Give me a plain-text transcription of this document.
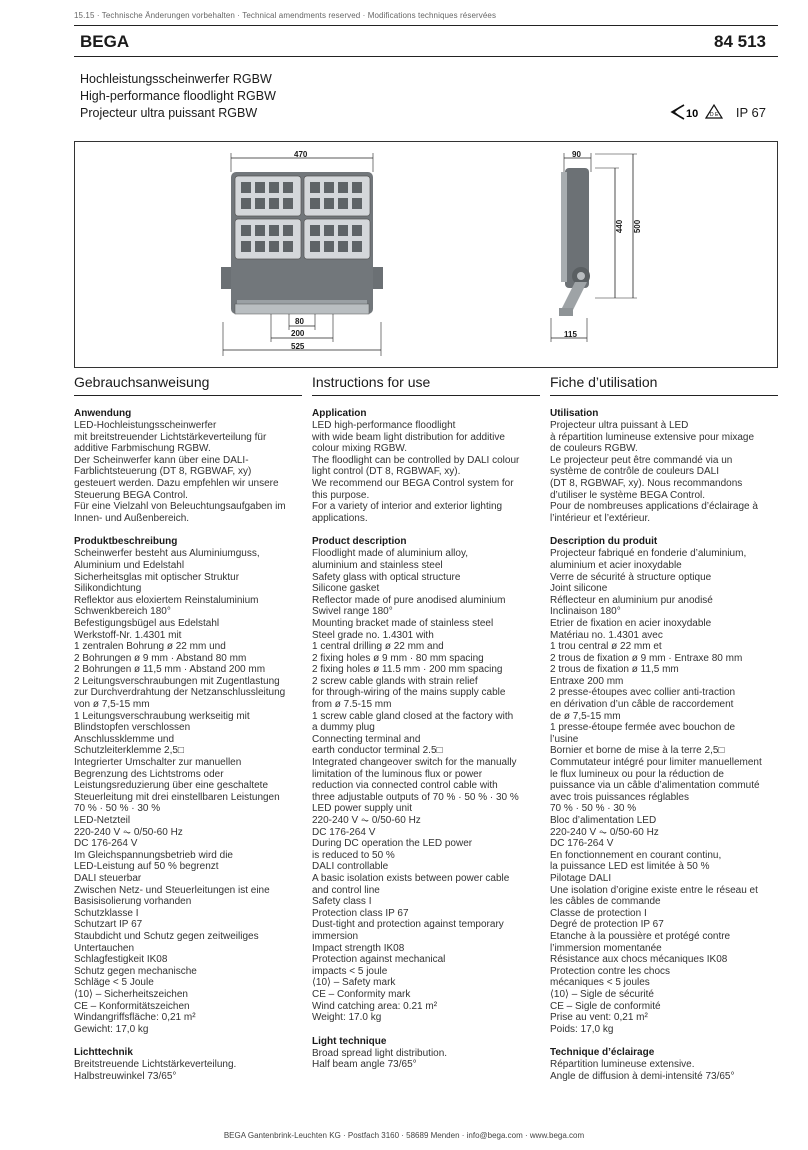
15.15 · Technische Änderungen vorbehalten · Technical amendments reserved · Modifications techniques réservées
BEGA	84 513
Hochleistungsscheinwerfer RGBW
High-performance floodlight RGBW
Projecteur ultra puissant RGBW	10 D E IP 67
470	90
440 500
80
200
525
115
Gebrauchsanweisung
Anwendung
LED-Hochleistungsscheinwerfer
mit breitstreuender Lichtstärkeverteilung für
additive Farbmischung RGBW.
Der Scheinwerfer kann über eine DALI-
Farblichtsteuerung (DT 8, RGBWAF, xy)
gesteuert werden. Dazu empfehlen wir unsere
Steuerung BEGA Control.
Für eine Vielzahl von Beleuchtungsaufgaben im
Innen- und Außenbereich.
Produktbeschreibung
Scheinwerfer besteht aus Aluminiumguss,
Aluminium und Edelstahl
Sicherheitsglas mit optischer Struktur
Silikondichtung
Reflektor aus eloxiertem Reinstaluminium
Schwenkbereich 180°
Befestigungsbügel aus Edelstahl
Werkstoff-Nr. 1.4301 mit
1 zentralen Bohrung ø 22 mm und
2 Bohrungen ø 9 mm · Abstand 80 mm
2 Bohrungen ø 11,5 mm · Abstand 200 mm
2 Leitungsverschraubungen mit Zugentlastung
zur Durchverdrahtung der Netzanschlussleitung
von ø 7,5-15 mm
1 Leitungsverschraubung werkseitig mit
Blindstopfen verschlossen
Anschlussklemme und
Schutzleiterklemme 2,5□
Integrierter Umschalter zur manuellen
Begrenzung des Lichtstroms oder
Leistungsreduzierung über eine geschaltete
Steuerleitung mit drei einstellbaren Leistungen
70 % · 50 % · 30 %
LED-Netzteil
220-240 V ⏦ 0/50-60 Hz
DC 176-264 V
Im Gleichspannungsbetrieb wird die
LED-Leistung auf 50 % begrenzt
DALI steuerbar
Zwischen Netz- und Steuerleitungen ist eine
Basisisolierung vorhanden
Schutzklasse I
Schutzart IP 67
Staubdicht und Schutz gegen zeitweiliges
Untertauchen
Schlagfestigkeit IK08
Schutz gegen mechanische
Schläge < 5 Joule
⟨10⟩ – Sicherheitszeichen
CE – Konformitätszeichen
Windangriffsfläche: 0,21 m²
Gewicht: 17,0 kg
Lichttechnik
Breitstreuende Lichtstärkeverteilung.
Halbstreuwinkel 73/65°
Instructions for use
Application
LED high-performance floodlight
with wide beam light distribution for additive
colour mixing RGBW.
The floodlight can be controlled by DALI colour
light control (DT 8, RGBWAF, xy).
We recommend our BEGA Control system for
this purpose.
For a variety of interior and exterior lighting
applications.
Product description
Floodlight made of aluminium alloy,
aluminium and stainless steel
Safety glass with optical structure
Silicone gasket
Reflector made of pure anodised aluminium
Swivel range 180°
Mounting bracket made of stainless steel
Steel grade no. 1.4301 with
1 central drilling ø 22 mm and
2 fixing holes ø 9 mm · 80 mm spacing
2 fixing holes ø 11.5 mm · 200 mm spacing
2 screw cable glands with strain relief
for through-wiring of the mains supply cable
from ø 7.5-15 mm
1 screw cable gland closed at the factory with
a dummy plug
Connecting terminal and
earth conductor terminal 2.5□
Integrated changeover switch for the manually
limitation of the luminous flux or power
reduction via connected control cable with
three adjustable outputs of 70 % · 50 % · 30 %
LED power supply unit
220-240 V ⏦ 0/50-60 Hz
DC 176-264 V
During DC operation the LED power
is reduced to 50 %
DALI controllable
A basic isolation exists between power cable
and control line
Safety class I
Protection class IP 67
Dust-tight and protection against temporary
immersion
Impact strength IK08
Protection against mechanical
impacts < 5 joule
⟨10⟩ – Safety mark
CE – Conformity mark
Wind catching area: 0.21 m²
Weight: 17.0 kg
Light technique
Broad spread light distribution.
Half beam angle 73/65°
Fiche d’utilisation
Utilisation
Projecteur ultra puissant à LED
à répartition lumineuse extensive pour mixage
de couleurs RGBW.
Le projecteur peut être commandé via un
système de contrôle de couleurs DALI
(DT 8, RGBWAF, xy). Nous recommandons
d’utiliser le système BEGA Control.
Pour de nombreuses applications d’éclairage à
l’intérieur et l’extérieur.
Description du produit
Projecteur fabriqué en fonderie d’aluminium,
aluminium et acier inoxydable
Verre de sécurité à structure optique
Joint silicone
Réflecteur en aluminium pur anodisé
Inclinaison 180°
Etrier de fixation en acier inoxydable
Matériau no. 1.4301 avec
1 trou central ø 22 mm et
2 trous de fixation ø 9 mm · Entraxe 80 mm
2 trous de fixation ø 11,5 mm
Entraxe 200 mm
2 presse-étoupes avec collier anti-traction
en dérivation d’un câble de raccordement
de ø 7,5-15 mm
1 presse-étoupe fermée avec bouchon de
l’usine
Bornier et borne de mise à la terre 2,5□
Commutateur intégré pour limiter manuellement
le flux lumineux ou pour la réduction de
puissance via un câble d’alimentation commuté
avec trois puissances réglables
70 % · 50 % · 30 %
Bloc d’alimentation LED
220-240 V ⏦ 0/50-60 Hz
DC 176-264 V
En fonctionnement en courant continu,
la puissance LED est limitée à 50 %
Pilotage DALI
Une isolation d’origine existe entre le réseau et
les câbles de commande
Classe de protection I
Degré de protection IP 67
Etanche à la poussière et protégé contre
l’immersion momentanée
Résistance aux chocs mécaniques IK08
Protection contre les chocs
mécaniques < 5 joules
⟨10⟩ – Sigle de sécurité
CE – Sigle de conformité
Prise au vent: 0,21 m²
Poids: 17,0 kg
Technique d’éclairage
Répartition lumineuse extensive.
Angle de diffusion à demi-intensité 73/65°
BEGA Gantenbrink-Leuchten KG · Postfach 3160 · 58689 Menden · info@bega.com · www.bega.com
